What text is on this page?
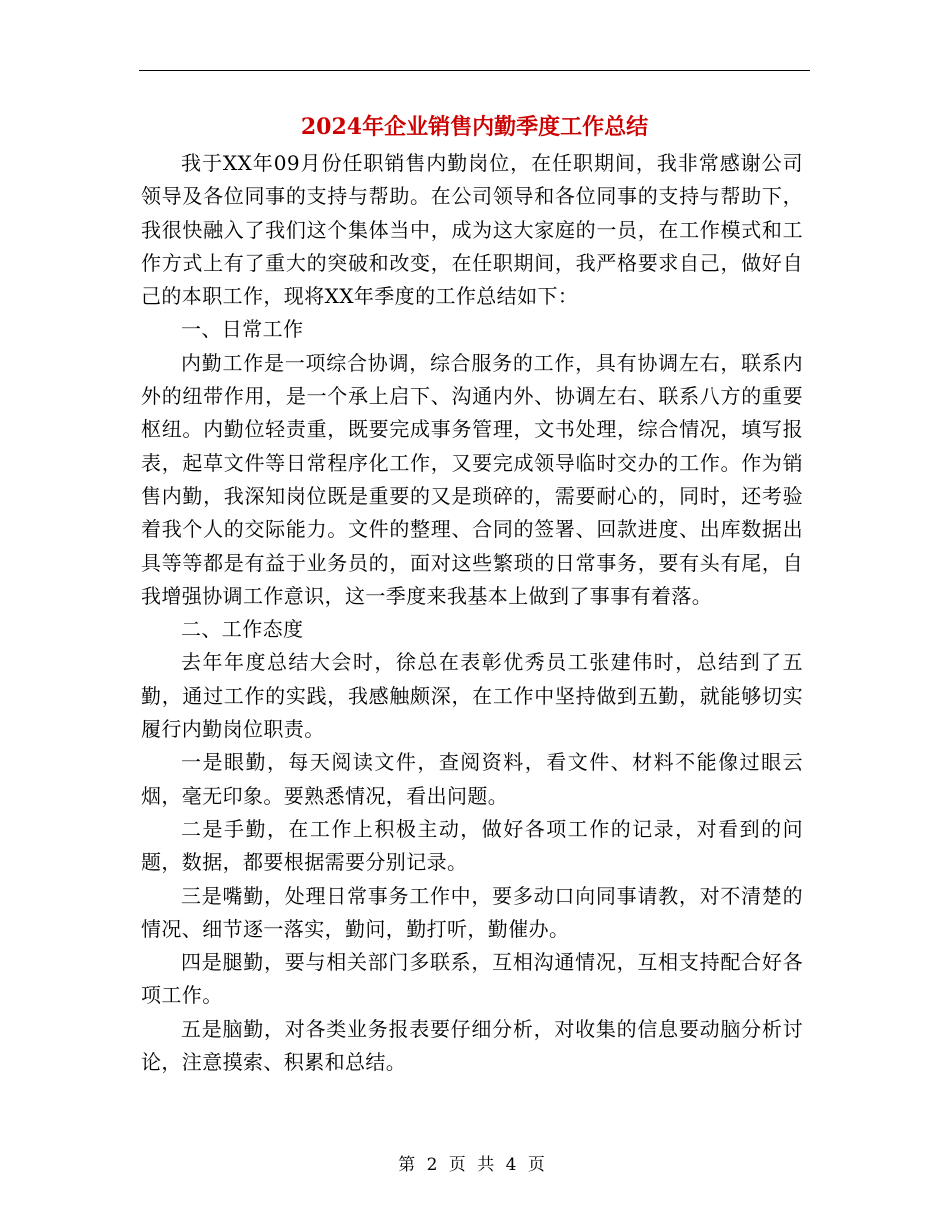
2024年企业销售内勤季度工作总结

我于XX年09月份任职销售内勤岗位，在任职期间，我非常感谢公司领导及各位同事的支持与帮助。在公司领导和各位同事的支持与帮助下，我很快融入了我们这个集体当中，成为这大家庭的一员，在工作模式和工作方式上有了重大的突破和改变，在任职期间，我严格要求自己，做好自己的本职工作，现将XX年季度的工作总结如下：

一、日常工作

内勤工作是一项综合协调，综合服务的工作，具有协调左右，联系内外的纽带作用，是一个承上启下、沟通内外、协调左右、联系八方的重要枢纽。内勤位轻责重，既要完成事务管理，文书处理，综合情况，填写报表，起草文件等日常程序化工作，又要完成领导临时交办的工作。作为销售内勤，我深知岗位既是重要的又是琐碎的，需要耐心的，同时，还考验着我个人的交际能力。文件的整理、合同的签署、回款进度、出库数据出具等等都是有益于业务员的，面对这些繁琐的日常事务，要有头有尾，自我增强协调工作意识，这一季度来我基本上做到了事事有着落。

二、工作态度

去年年度总结大会时，徐总在表彰优秀员工张建伟时，总结到了五勤，通过工作的实践，我感触颇深，在工作中坚持做到五勤，就能够切实履行内勤岗位职责。

一是眼勤，每天阅读文件，查阅资料，看文件、材料不能像过眼云烟，毫无印象。要熟悉情况，看出问题。

二是手勤，在工作上积极主动，做好各项工作的记录，对看到的问题，数据，都要根据需要分别记录。

三是嘴勤，处理日常事务工作中，要多动口向同事请教，对不清楚的情况、细节逐一落实，勤问，勤打听，勤催办。

四是腿勤，要与相关部门多联系，互相沟通情况，互相支持配合好各项工作。

五是脑勤，对各类业务报表要仔细分析，对收集的信息要动脑分析讨论，注意摸索、积累和总结。

第 2 页 共 4 页
